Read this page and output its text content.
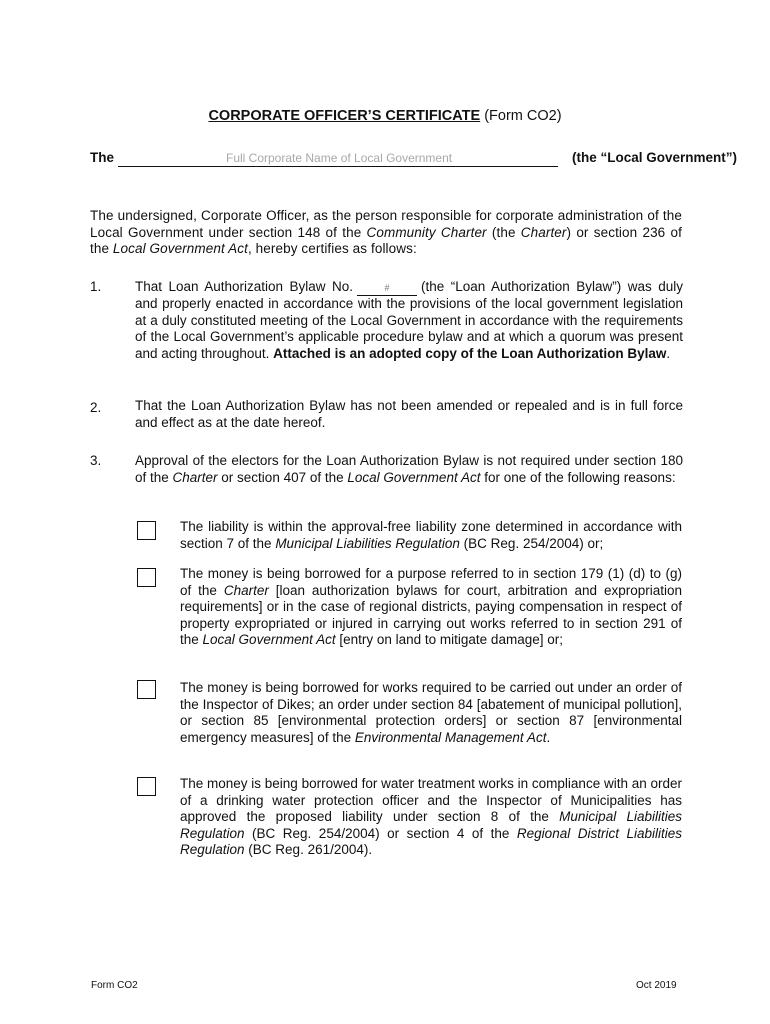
CORPORATE OFFICER’S CERTIFICATE (Form CO2)
The
Full Corporate Name of Local Government	(the “Local Government”)
The undersigned, Corporate Officer, as the person responsible for corporate administration of the Local Government under section 148 of the Community Charter (the Charter) or section 236 of the Local Government Act, hereby certifies as follows:
1. That Loan Authorization Bylaw No.#	(the “Loan Authorization Bylaw”) was duly and properly enacted in accordance with the provisions of the local government legislation at a duly constituted meeting of the Local Government in accordance with the requirements of the Local Government’s applicable procedure bylaw and at which a quorum was present and acting throughout. Attached is an adopted copy of the Loan Authorization Bylaw.
2. That the Loan Authorization Bylaw has not been amended or repealed and is in full force and effect as at the date hereof.
3. Approval of the electors for the Loan Authorization Bylaw is not required under section 180 of the Charter or section 407 of the Local Government Act for one of the following reasons:
The liability is within the approval-free liability zone determined in accordance with section 7 of the Municipal Liabilities Regulation (BC Reg. 254/2004) or;
The money is being borrowed for a purpose referred to in section 179 (1) (d) to (g) of the Charter [loan authorization bylaws for court, arbitration and expropriation requirements] or in the case of regional districts, paying compensation in respect of property expropriated or injured in carrying out works referred to in section 291 of the Local Government Act [entry on land to mitigate damage] or;
The money is being borrowed for works required to be carried out under an order of the Inspector of Dikes; an order under section 84 [abatement of municipal pollution], or section 85 [environmental protection orders] or section 87 [environmental emergency measures] of the Environmental Management Act.
The money is being borrowed for water treatment works in compliance with an order of a drinking water protection officer and the Inspector of Municipalities has approved the proposed liability under section 8 of the Municipal Liabilities Regulation (BC Reg. 254/2004) or section 4 of the Regional District Liabilities Regulation (BC Reg. 261/2004).
Form CO2	Oct 2019
